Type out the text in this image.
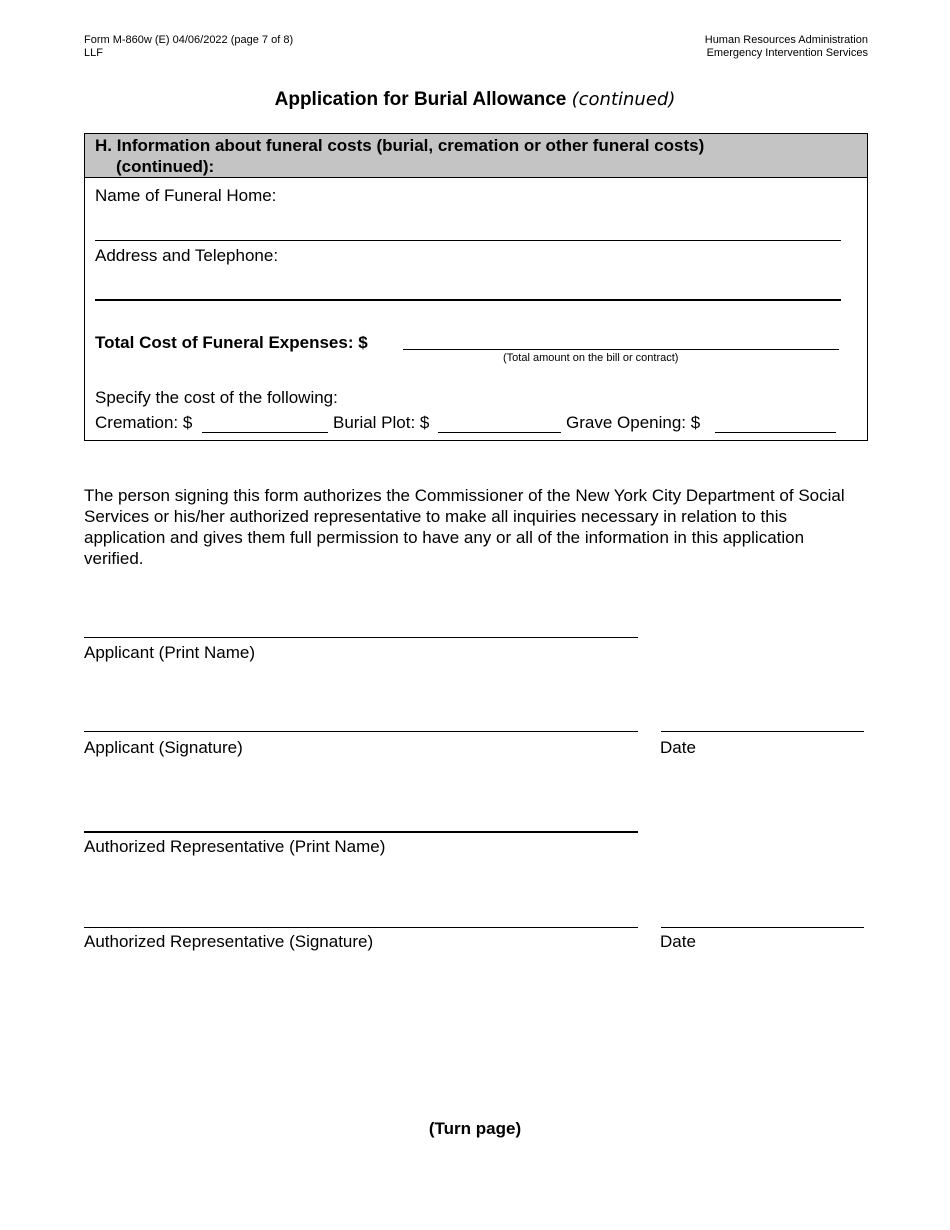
Form M-860w (E) 04/06/2022 (page 7 of 8)
LLF
Human Resources Administration
Emergency Intervention Services
Application for Burial Allowance (continued)
H. Information about funeral costs (burial, cremation or other funeral costs)
(continued):
Name of Funeral Home:
Address and Telephone:
Total Cost of Funeral Expenses: $
(Total amount on the bill or contract)
Specify the cost of the following:
Cremation: $	Burial Plot: $	Grave Opening: $
The person signing this form authorizes the Commissioner of the New York City Department of Social Services or his/her authorized representative to make all inquiries necessary in relation to this application and gives them full permission to have any or all of the information in this application verified.
Applicant (Print Name)
Applicant (Signature)	Date
Authorized Representative (Print Name)
Authorized Representative (Signature)	Date
(Turn page)
